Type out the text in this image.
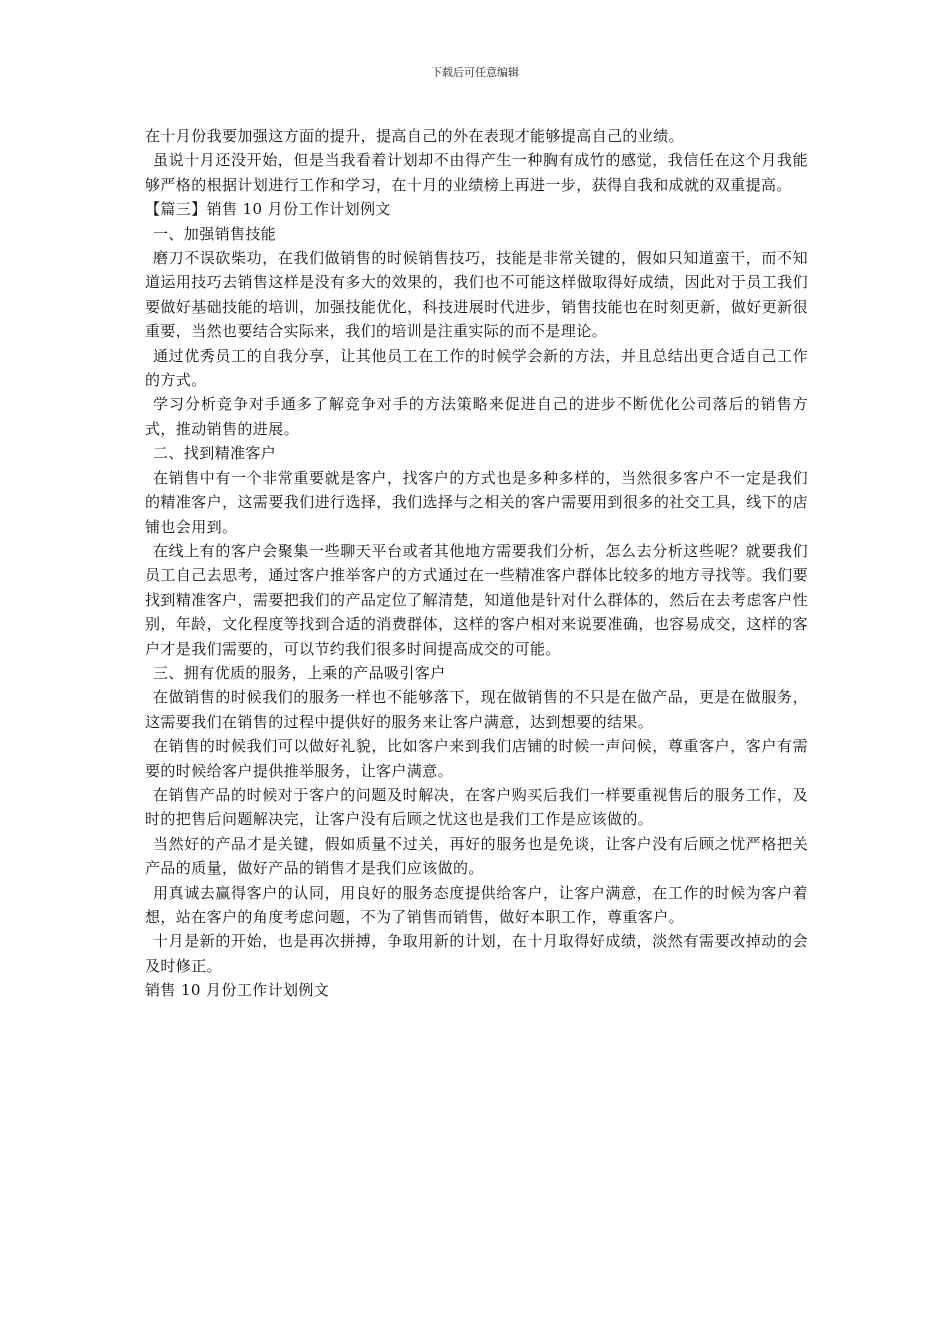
下载后可任意编辑

在十月份我要加强这方面的提升，提高自己的外在表现才能够提高自己的业绩。

虽说十月还没开始，但是当我看着计划却不由得产生一种胸有成竹的感觉，我信任在这个月我能够严格的根据计划进行工作和学习，在十月的业绩榜上再进一步，获得自我和成就的双重提高。

【篇三】销售 10 月份工作计划例文

一、加强销售技能

磨刀不误砍柴功，在我们做销售的时候销售技巧，技能是非常关键的，假如只知道蛮干，而不知道运用技巧去销售这样是没有多大的效果的，我们也不可能这样做取得好成绩，因此对于员工我们要做好基础技能的培训，加强技能优化，科技进展时代进步，销售技能也在时刻更新，做好更新很重要，当然也要结合实际来，我们的培训是注重实际的而不是理论。

通过优秀员工的自我分享，让其他员工在工作的时候学会新的方法，并且总结出更合适自己工作的方式。

学习分析竞争对手通多了解竞争对手的方法策略来促进自己的进步不断优化公司落后的销售方式，推动销售的进展。

二、找到精准客户

在销售中有一个非常重要就是客户，找客户的方式也是多种多样的，当然很多客户不一定是我们的精准客户，这需要我们进行选择，我们选择与之相关的客户需要用到很多的社交工具，线下的店铺也会用到。

在线上有的客户会聚集一些聊天平台或者其他地方需要我们分析，怎么去分析这些呢？就要我们员工自己去思考，通过客户推举客户的方式通过在一些精准客户群体比较多的地方寻找等。我们要找到精准客户，需要把我们的产品定位了解清楚，知道他是针对什么群体的，然后在去考虑客户性别，年龄，文化程度等找到合适的消费群体，这样的客户相对来说要准确，也容易成交，这样的客户才是我们需要的，可以节约我们很多时间提高成交的可能。

三、拥有优质的服务，上乘的产品吸引客户

在做销售的时候我们的服务一样也不能够落下，现在做销售的不只是在做产品，更是在做服务，这需要我们在销售的过程中提供好的服务来让客户满意，达到想要的结果。

在销售的时候我们可以做好礼貌，比如客户来到我们店铺的时候一声问候，尊重客户，客户有需要的时候给客户提供推举服务，让客户满意。

在销售产品的时候对于客户的问题及时解决，在客户购买后我们一样要重视售后的服务工作，及时的把售后问题解决完，让客户没有后顾之忧这也是我们工作是应该做的。

当然好的产品才是关键，假如质量不过关，再好的服务也是免谈，让客户没有后顾之忧严格把关产品的质量，做好产品的销售才是我们应该做的。

用真诚去赢得客户的认同，用良好的服务态度提供给客户，让客户满意，在工作的时候为客户着想，站在客户的角度考虑问题，不为了销售而销售，做好本职工作，尊重客户。

十月是新的开始，也是再次拼搏，争取用新的计划，在十月取得好成绩，淡然有需要改掉动的会及时修正。

销售 10 月份工作计划例文
